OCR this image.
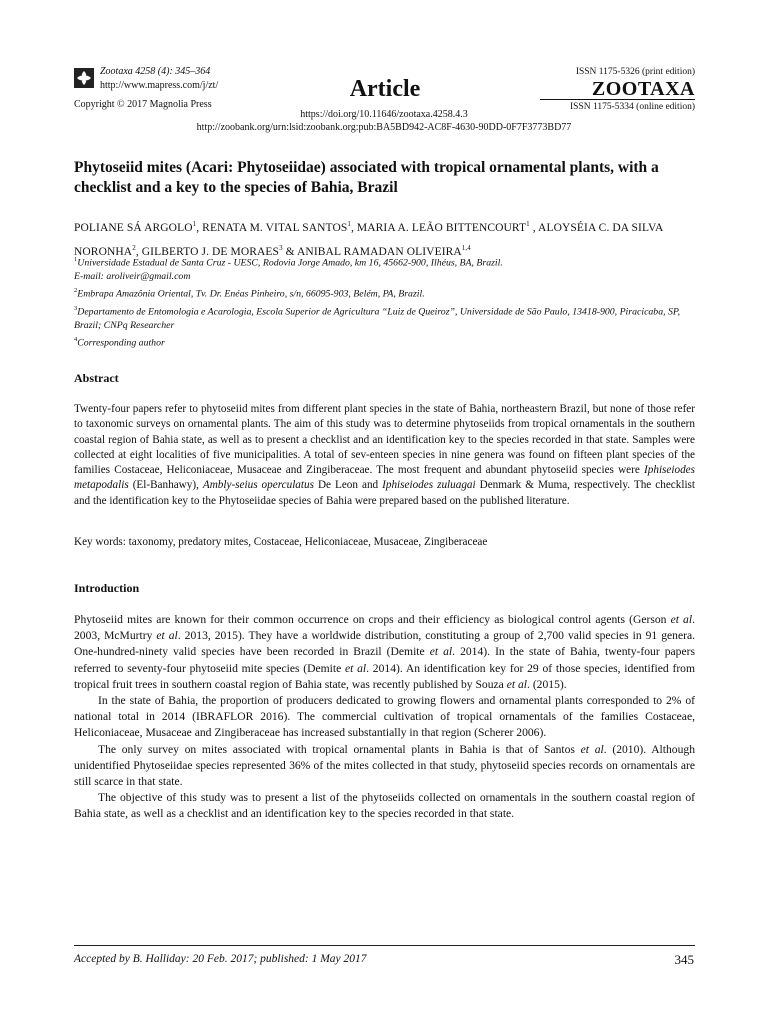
Zootaxa 4258 (4): 345–364
http://www.mapress.com/j/zt/
Copyright © 2017 Magnolia Press
Article
ISSN 1175-5326 (print edition)
ZOOTAXA
ISSN 1175-5334 (online edition)
https://doi.org/10.11646/zootaxa.4258.4.3
http://zoobank.org/urn:lsid:zoobank.org:pub:BA5BD942-AC8F-4630-90DD-0F7F3773BD77
Phytoseiid mites (Acari: Phytoseiidae) associated with tropical ornamental plants, with a checklist and a key to the species of Bahia, Brazil
POLIANE SÁ ARGOLO$^1$, RENATA M. VITAL SANTOS$^1$, MARIA A. LEÃO BITTENCOURT$^1$ , ALOYSÉIA C. DA SILVA NORONHA$^2$, GILBERTO J. DE MORAES$^3$ & ANIBAL RAMADAN OLIVEIRA$^{1,4}$
$^1$Universidade Estadual de Santa Cruz - UESC, Rodovia Jorge Amado, km 16, 45662-900, Ilhéus, BA, Brazil.
E-mail: aroliveir@gmail.com
$^2$Embrapa Amazônia Oriental, Tv. Dr. Enéas Pinheiro, s/n, 66095-903, Belém, PA, Brazil.
$^3$Departamento de Entomologia e Acarologia, Escola Superior de Agricultura “Luiz de Queiroz”, Universidade de São Paulo, 13418-900, Piracicaba, SP, Brazil; CNPq Researcher
$^4$Corresponding author
Abstract
Twenty-four papers refer to phytoseiid mites from different plant species in the state of Bahia, northeastern Brazil, but none of those refer to taxonomic surveys on ornamental plants. The aim of this study was to determine phytoseiids from tropical ornamentals in the southern coastal region of Bahia state, as well as to present a checklist and an identification key to the species recorded in that state. Samples were collected at eight localities of five municipalities. A total of sev-enteen species in nine genera was found on fifteen plant species of the families Costaceae, Heliconiaceae, Musaceae and Zingiberaceae. The most frequent and abundant phytoseiid species were Iphiseiodes metapodalis (El-Banhawy), Ambly-seius operculatus De Leon and Iphiseiodes zuluagai Denmark & Muma, respectively. The checklist and the identification key to the Phytoseiidae species of Bahia were prepared based on the published literature.
Key words: taxonomy, predatory mites, Costaceae, Heliconiaceae, Musaceae, Zingiberaceae
Introduction

Phytoseiid mites are known for their common occurrence on crops and their efficiency as biological control agents (Gerson et al. 2003, McMurtry et al. 2013, 2015). They have a worldwide distribution, constituting a group of 2,700 valid species in 91 genera. One-hundred-ninety valid species have been recorded in Brazil (Demite et al. 2014). In the state of Bahia, twenty-four papers referred to seventy-four phytoseiid mite species (Demite et al. 2014). An identification key for 29 of those species, identified from tropical fruit trees in southern coastal region of Bahia state, was recently published by Souza et al. (2015).

In the state of Bahia, the proportion of producers dedicated to growing flowers and ornamental plants corresponded to 2% of national total in 2014 (IBRAFLOR 2016). The commercial cultivation of tropical ornamentals of the families Costaceae, Heliconiaceae, Musaceae and Zingiberaceae has increased substantially in that region (Scherer 2006).

The only survey on mites associated with tropical ornamental plants in Bahia is that of Santos et al. (2010). Although unidentified Phytoseiidae species represented 36% of the mites collected in that study, phytoseiid species records on ornamentals are still scarce in that state.

The objective of this study was to present a list of the phytoseiids collected on ornamentals in the southern coastal region of Bahia state, as well as a checklist and an identification key to the species recorded in that state.

Accepted by B. Halliday: 20 Feb. 2017; published: 1 May 2017	345
